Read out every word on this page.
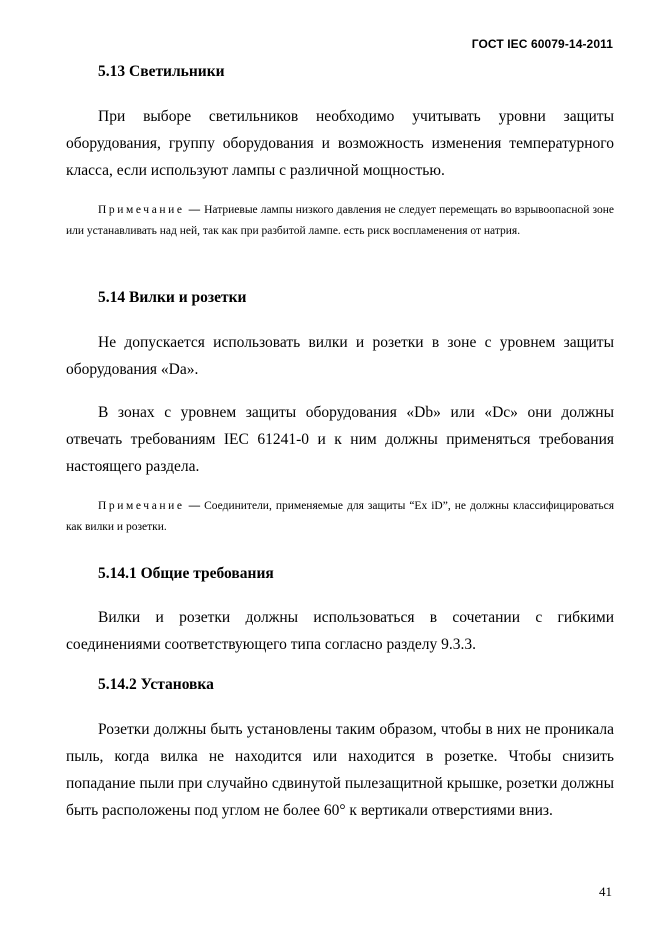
ГОСТ IEC 60079-14-2011
5.13 Светильники

При выборе светильников необходимо учитывать уровни защиты оборудования, группу оборудования и возможность изменения температурного класса, если используют лампы с различной мощностью.

Примечание — Натриевые лампы низкого давления не следует перемещать во взрывоопасной зоне или устанавливать над ней, так как при разбитой лампе. есть риск воспламенения от натрия.

5.14 Вилки и розетки

Не допускается использовать вилки и розетки в зоне с уровнем защиты оборудования «Da».

В зонах с уровнем защиты оборудования «Db» или «Dc» они должны отвечать требованиям IEC 61241-0 и к ним должны применяться требования настоящего раздела.

Примечание — Соединители, применяемые для защиты “Ex iD”, не должны классифицироваться как вилки и розетки.

5.14.1 Общие требования

Вилки и розетки должны использоваться в сочетании с гибкими соединениями соответствующего типа согласно разделу 9.3.3.

5.14.2 Установка

Розетки должны быть установлены таким образом, чтобы в них не проникала пыль, когда вилка не находится или находится в розетке. Чтобы снизить попадание пыли при случайно сдвинутой пылезащитной крышке, розетки должны быть расположены под углом не более 60° к вертикали отверстиями вниз.

41
